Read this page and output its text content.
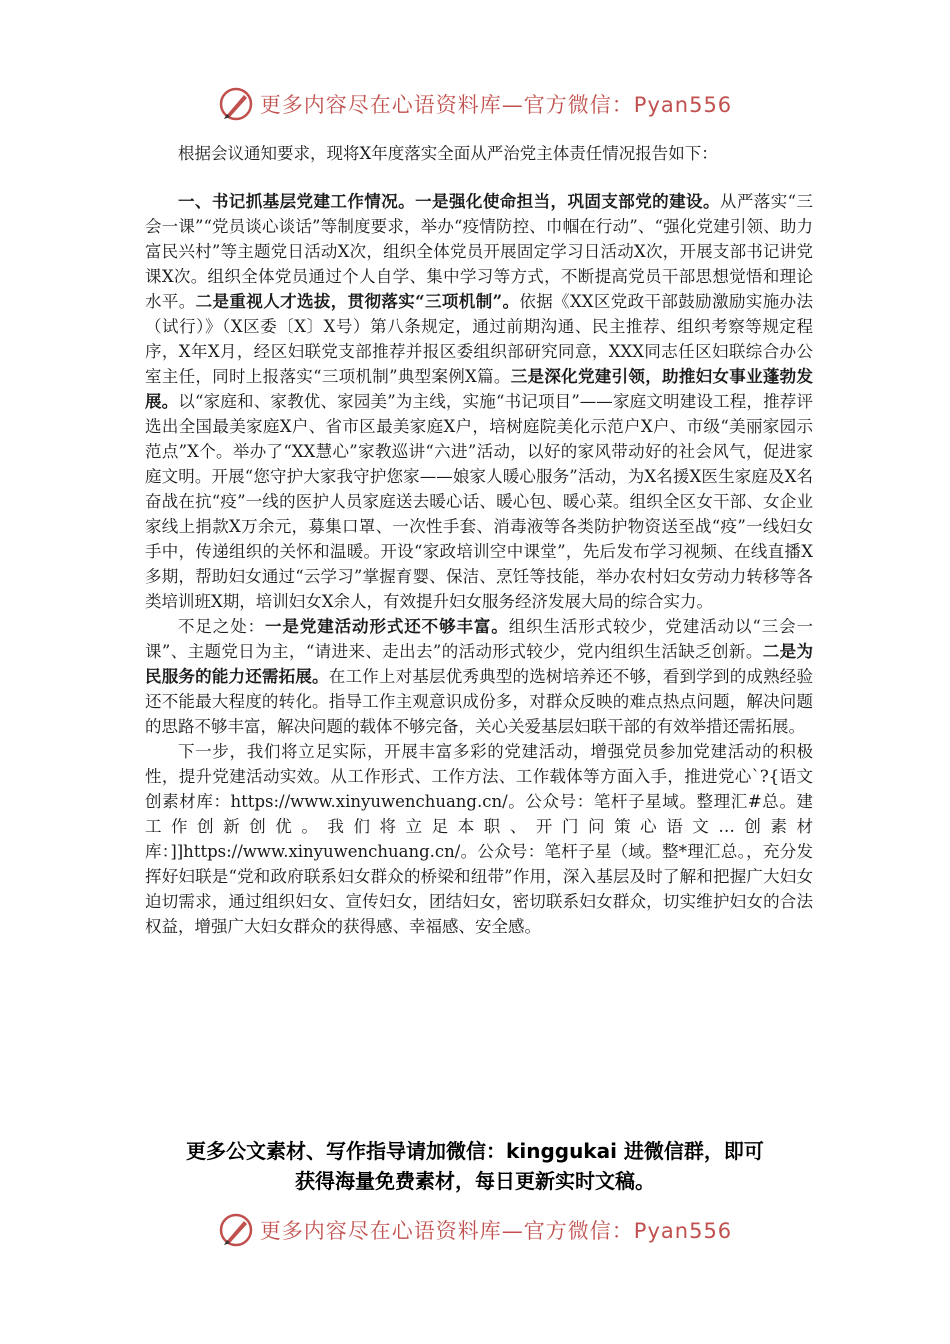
更多内容尽在心语资料库—官方微信：Pyan556

根据会议通知要求，现将X年度落实全面从严治党主体责任情况报告如下：

一、书记抓基层党建工作情况。一是强化使命担当，巩固支部党的建设。从严落实“三会一课”“党员谈心谈话”等制度要求，举办“疫情防控、巾帼在行动”、“强化党建引领、助力富民兴村”等主题党日活动X次，组织全体党员开展固定学习日活动X次，开展支部书记讲党课X次。组织全体党员通过个人自学、集中学习等方式，不断提高党员干部思想觉悟和理论水平。二是重视人才选拔，贯彻落实“三项机制”。依据《XX区党政干部鼓励激励实施办法（试行）》（X区委〔X〕X号）第八条规定，通过前期沟通、民主推荐、组织考察等规定程序，X年X月，经区妇联党支部推荐并报区委组织部研究同意，XXX同志任区妇联综合办公室主任，同时上报落实“三项机制”典型案例X篇。三是深化党建引领，助推妇女事业蓬勃发展。以“家庭和、家教优、家园美”为主线，实施“书记项目”——家庭文明建设工程，推荐评选出全国最美家庭X户、省市区最美家庭X户，培树庭院美化示范户X户、市级“美丽家园示范点”X个。举办了“XX慧心”家教巡讲“六进”活动，以好的家风带动好的社会风气，促进家庭文明。开展“您守护大家我守护您家——娘家人暖心服务”活动，为X名援X医生家庭及X名奋战在抗“疫”一线的医护人员家庭送去暖心话、暖心包、暖心菜。组织全区女干部、女企业家线上捐款X万余元，募集口罩、一次性手套、消毒液等各类防护物资送至战“疫”一线妇女手中，传递组织的关怀和温暖。开设“家政培训空中课堂”，先后发布学习视频、在线直播X多期，帮助妇女通过“云学习”掌握育婴、保洁、烹饪等技能，举办农村妇女劳动力转移等各类培训班X期，培训妇女X余人，有效提升妇女服务经济发展大局的综合实力。

不足之处：一是党建活动形式还不够丰富。组织生活形式较少，党建活动以“三会一课”、主题党日为主，“请进来、走出去”的活动形式较少，党内组织生活缺乏创新。二是为民服务的能力还需拓展。在工作上对基层优秀典型的选树培养还不够，看到学到的成熟经验还不能最大程度的转化。指导工作主观意识成份多，对群众反映的难点热点问题，解决问题的思路不够丰富，解决问题的载体不够完备，关心关爱基层妇联干部的有效举措还需拓展。

下一步，我们将立足实际，开展丰富多彩的党建活动，增强党员参加党建活动的积极性，提升党建活动实效。从工作形式、工作方法、工作载体等方面入手，推进党心`?{语文创素材库：https://www.xinyuwenchuang.cn/。公众号：笔杆子星域。整理汇#总。建工作创新创优。我们将立足本职、开门问策心语文…创素材库：]]https://www.xinyuwenchuang.cn/。公众号：笔杆子星（域。整*理汇总。，充分发挥好妇联是“党和政府联系妇女群众的桥梁和纽带”作用，深入基层及时了解和把握广大妇女迫切需求，通过组织妇女、宣传妇女，团结妇女，密切联系妇女群众，切实维护妇女的合法权益，增强广大妇女群众的获得感、幸福感、安全感。

更多公文素材、写作指导请加微信：kinggukai 进微信群，即可
获得海量免费素材，每日更新实时文稿。
更多内容尽在心语资料库—官方微信：Pyan556
